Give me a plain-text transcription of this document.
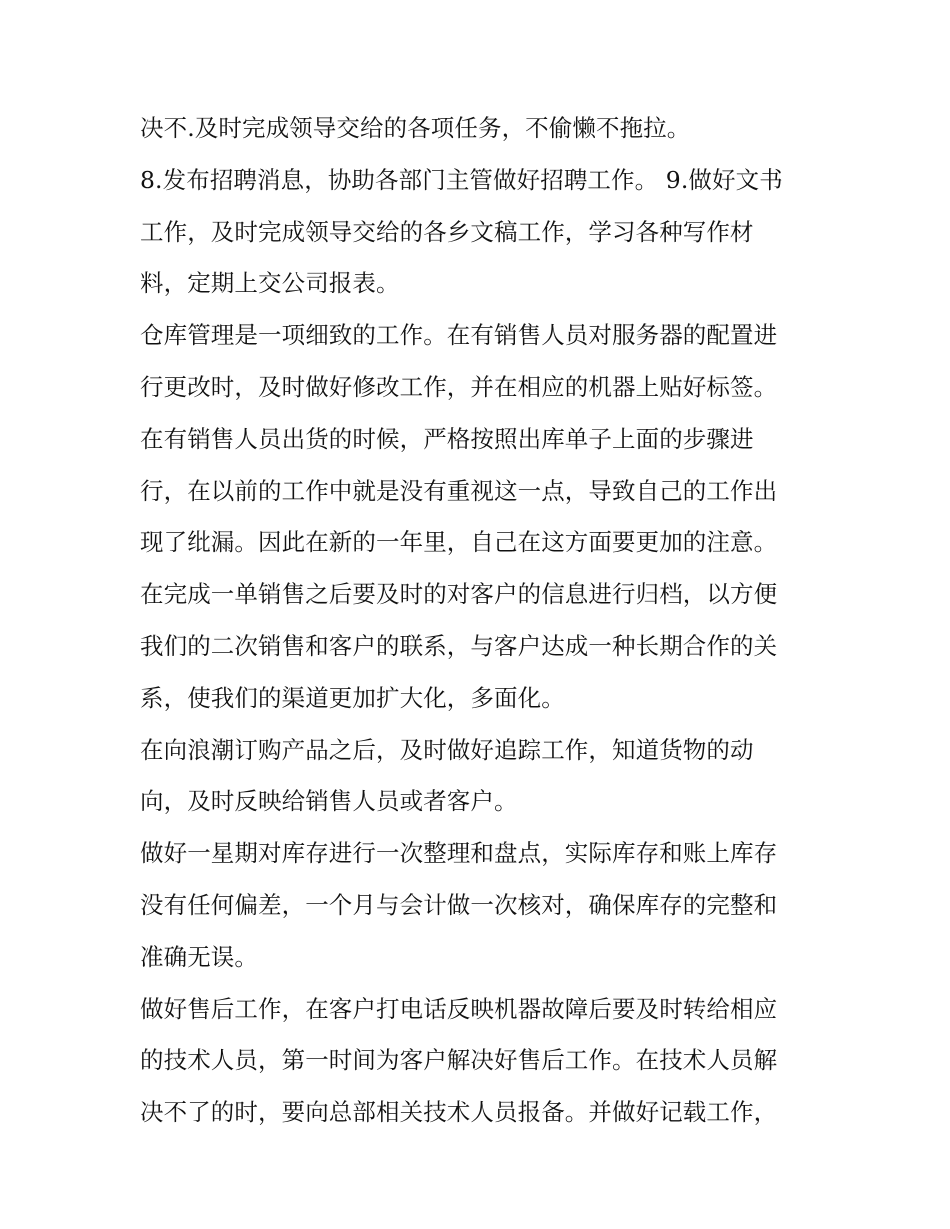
决不.及时完成领导交给的各项任务，不偷懒不拖拉。
8.发布招聘消息，协助各部门主管做好招聘工作。 9.做好文书
工作，及时完成领导交给的各乡文稿工作，学习各种写作材
料，定期上交公司报表。
仓库管理是一项细致的工作。在有销售人员对服务器的配置进
行更改时，及时做好修改工作，并在相应的机器上贴好标签。
在有销售人员出货的时候，严格按照出库单子上面的步骤进
行，在以前的工作中就是没有重视这一点，导致自己的工作出
现了纰漏。因此在新的一年里，自己在这方面要更加的注意。
在完成一单销售之后要及时的对客户的信息进行归档，以方便
我们的二次销售和客户的联系，与客户达成一种长期合作的关
系，使我们的渠道更加扩大化，多面化。
在向浪潮订购产品之后，及时做好追踪工作，知道货物的动
向，及时反映给销售人员或者客户。
做好一星期对库存进行一次整理和盘点，实际库存和账上库存
没有任何偏差，一个月与会计做一次核对，确保库存的完整和
准确无误。
做好售后工作，在客户打电话反映机器故障后要及时转给相应
的技术人员，第一时间为客户解决好售后工作。在技术人员解
决不了的时，要向总部相关技术人员报备。并做好记载工作，
